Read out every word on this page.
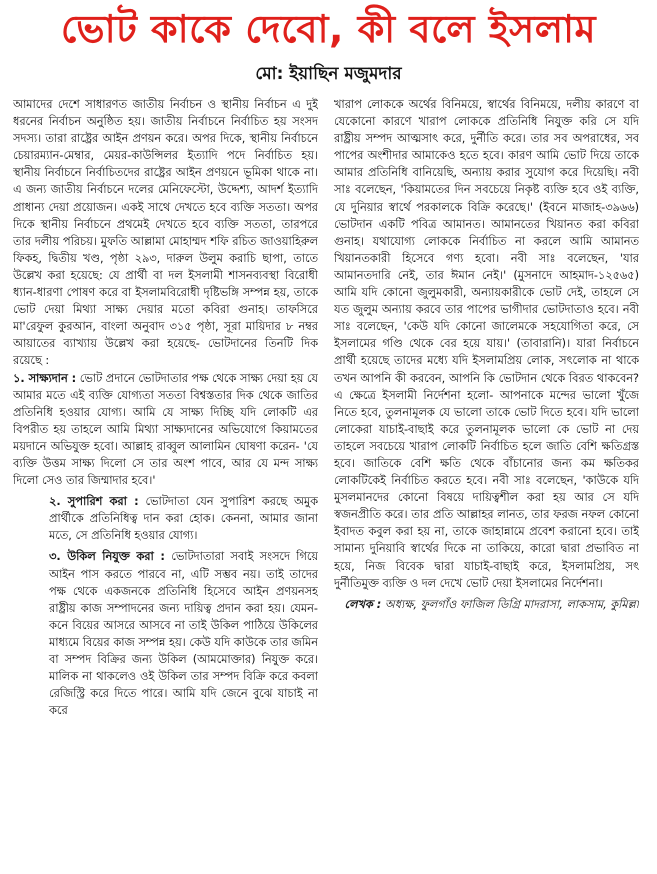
ভোট কাকে দেবো, কী বলে ইসলাম
মো: ইয়াছিন মজুমদার

আমাদের দেশে সাধারণত জাতীয় নির্বাচন ও স্থানীয় নির্বাচন এ দুই ধরনের নির্বাচন অনুষ্ঠিত হয়। জাতীয় নির্বাচনে নির্বাচিত হয় সংসদ সদস্য। তারা রাষ্ট্রের আইন প্রণয়ন করে। অপর দিকে, স্থানীয় নির্বাচনে চেয়ারম্যান-মেম্বার, মেয়র-কাউন্সিলর ইত্যাদি পদে নির্বাচিত হয়। স্থানীয় নির্বাচনে নির্বাচিতদের রাষ্ট্রের আইন প্রণয়নে ভূমিকা থাকে না। এ জন্য জাতীয় নির্বাচনে দলের মেনিফেস্টো, উদ্দেশ্য, আদর্শ ইত্যাদি প্রাধান্য দেয়া প্রয়োজন। একই সাথে দেখতে হবে ব্যক্তি সততা। অপর দিকে স্থানীয় নির্বাচনে প্রথমেই দেখতে হবে ব্যক্তি সততা, তারপরে তার দলীয় পরিচয়। মুফতি আল্লামা মোহাম্মদ শফি রচিত জাওয়াহিরুল ফিকহ, দ্বিতীয় খণ্ড, পৃষ্ঠা ২৯৩, দারুল উলুম করাচি ছাপা, তাতে উল্লেখ করা হয়েছে: যে প্রার্থী বা দল ইসলামী শাসনব্যবস্থা বিরোধী ধ্যান-ধারণা পোষণ করে বা ইসলামবিরোধী দৃষ্টিভঙ্গি সম্পন্ন হয়, তাকে ভোট দেয়া মিথ্যা সাক্ষ্য দেয়ার মতো কবিরা গুনাহ। তাফসিরে মা'রেফুল কুরআন, বাংলা অনুবাদ ৩১৫ পৃষ্ঠা, সূরা মায়িদার ৮ নম্বর আয়াতের ব্যাখ্যায় উল্লেখ করা হয়েছে- ভোটদানের তিনটি দিক রয়েছে :

১. সাক্ষ্যদান : ভোট প্রদানে ভোটদাতার পক্ষ থেকে সাক্ষ্য দেয়া হয় যে আমার মতে এই ব্যক্তি যোগ্যতা সততা বিশ্বস্ততার দিক থেকে জাতির প্রতিনিধি হওয়ার যোগ্য। আমি যে সাক্ষ্য দিচ্ছি যদি লোকটি এর বিপরীত হয় তাহলে আমি মিথ্যা সাক্ষ্যদানের অভিযোগে কিয়ামতের ময়দানে অভিযুক্ত হবো। আল্লাহ রাব্বুল আলামিন ঘোষণা করেন- 'যে ব্যক্তি উত্তম সাক্ষ্য দিলো সে তার অংশ পাবে, আর যে মন্দ সাক্ষ্য দিলো সেও তার জিম্মাদার হবে।'

২. সুপারিশ করা : ভোটদাতা যেন সুপারিশ করছে অমুক প্রার্থীকে প্রতিনিধিত্ব দান করা হোক। কেননা, আমার জানা মতে, সে প্রতিনিধি হওয়ার যোগ্য।

৩. উকিল নিযুক্ত করা : ভোটদাতারা সবাই সংসদে গিয়ে আইন পাস করতে পারবে না, এটি সম্ভব নয়। তাই তাদের পক্ষ থেকে একজনকে প্রতিনিধি হিসেবে আইন প্রণয়নসহ রাষ্ট্রীয় কাজ সম্পাদনের জন্য দায়িত্ব প্রদান করা হয়। যেমন- কনে বিয়ের আসরে আসবে না তাই উকিল পাঠিয়ে উকিলের মাধ্যমে বিয়ের কাজ সম্পন্ন হয়। কেউ যদি কাউকে তার জমিন বা সম্পদ বিক্রির জন্য উকিল (আমমোক্তার) নিযুক্ত করে। মালিক না থাকলেও ওই উকিল তার সম্পদ বিক্রি করে কবলা রেজিস্ট্রি করে দিতে পারে। আমি যদি জেনে বুঝে যাচাই না করে

খারাপ লোককে অর্থের বিনিময়ে, স্বার্থের বিনিময়ে, দলীয় কারণে বা যেকোনো কারণে খারাপ লোককে প্রতিনিধি নিযুক্ত করি সে যদি রাষ্ট্রীয় সম্পদ আত্মসাৎ করে, দুর্নীতি করে। তার সব অপরাধের, সব পাপের অংশীদার আমাকেও হতে হবে। কারণ আমি ভোট দিয়ে তাকে আমার প্রতিনিধি বানিয়েছি, অন্যায় করার সুযোগ করে দিয়েছি। নবী সাঃ বলেছেন, 'কিয়ামতের দিন সবচেয়ে নিকৃষ্ট ব্যক্তি হবে ওই ব্যক্তি, যে দুনিয়ার স্বার্থে পরকালকে বিক্রি করেছে।' (ইবনে মাজাহ-৩৯৬৬) ভোটদান একটি পবিত্র আমানত। আমানতের খিয়ানত করা কবিরা গুনাহ। যথাযোগ্য লোককে নির্বাচিত না করলে আমি আমানত খিয়ানতকারী হিসেবে গণ্য হবো। নবী সাঃ বলেছেন, 'যার আমানতদারি নেই, তার ঈমান নেই।' (মুসনাদে আহমাদ-১২৫৬৫) আমি যদি কোনো জুলুমকারী, অন্যায়কারীকে ভোট দেই, তাহলে সে যত জুলুম অন্যায় করবে তার পাপের ভাগীদার ভোটদাতাও হবে। নবী সাঃ বলেছেন, 'কেউ যদি কোনো জালেমকে সহযোগিতা করে, সে ইসলামের গণ্ডি থেকে বের হয়ে যায়।' (তাবারানি)। যারা নির্বাচনে প্রার্থী হয়েছে তাদের মধ্যে যদি ইসলামপ্রিয় লোক, সৎলোক না থাকে তখন আপনি কী করবেন, আপনি কি ভোটদান থেকে বিরত থাকবেন? এ ক্ষেত্রে ইসলামী নির্দেশনা হলো- আপনাকে মন্দের ভালো খুঁজে নিতে হবে, তুলনামূলক যে ভালো তাকে ভোট দিতে হবে। যদি ভালো লোকেরা যাচাই-বাছাই করে তুলনামূলক ভালো কে ভোট না দেয় তাহলে সবচেয়ে খারাপ লোকটি নির্বাচিত হলে জাতি বেশি ক্ষতিগ্রস্ত হবে। জাতিকে বেশি ক্ষতি থেকে বাঁচানোর জন্য কম ক্ষতিকর লোকটিকেই নির্বাচিত করতে হবে। নবী সাঃ বলেছেন, 'কাউকে যদি মুসলমানদের কোনো বিষয়ে দায়িত্বশীল করা হয় আর সে যদি স্বজনপ্রীতি করে। তার প্রতি আল্লাহর লানত, তার ফরজ নফল কোনো ইবাদত কবুল করা হয় না, তাকে জাহান্নামে প্রবেশ করানো হবে। তাই সামান্য দুনিয়াবি স্বার্থের দিকে না তাকিয়ে, কারো দ্বারা প্রভাবিত না হয়ে, নিজ বিবেক দ্বারা যাচাই-বাছাই করে, ইসলামপ্রিয়, সৎ দুর্নীতিমুক্ত ব্যক্তি ও দল দেখে ভোট দেয়া ইসলামের নির্দেশনা।

লেখক : অধ্যক্ষ, ফুলগাঁও ফাজিল ডিগ্রি মাদরাসা, লাকসাম, কুমিল্লা
